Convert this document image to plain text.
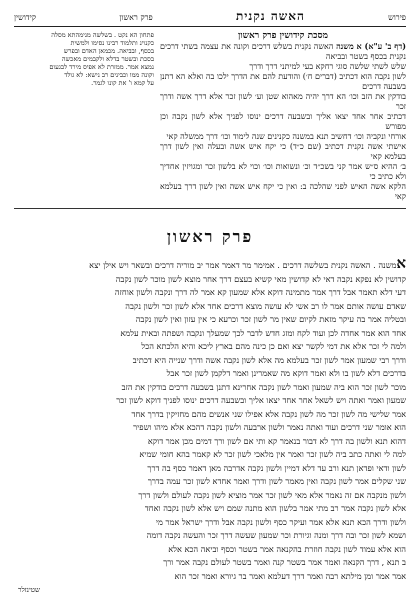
פירוש
האשה נקנית
פרק ראשון
קידושין

מסכת קידושין פרק ראשון

(דף ב' ע"א) א משנה האשה נקנית בשלש דרכים וקונה את עצמה בשתי דרכים נקנית בכסף בשטר ובביאה

שלש לשתי שלשה סוגי רחקא בעי למיתני דרך ודרך

לשון נקבה הוא דכתיב (דברים ח׳) והודעת להם את הדרך ילכו בה ואלא הא דתנן בשבעה דרכים

בודקין את הזב וכו׳ הא דרך יהיה מאהוא שטן וע׳ לשון זכר אלא דרך אשה ודרך זכר

דכתיב אחר אחד יצאו אליך ובשבעה דרכים ינוסו לפניך אלא לשון נקבה וכן מפורש

אורחי ונקביה וכו׳ דחשיב תנא במשנה כקנינים שנה לימוד וכו׳ דרך ממשלה קאי

אישתי אשה נקנית דכתיב (שם כ״ד) כי יקח איש אשה ובעלה ואין לשון דרך בעלמא קאי

ב׳ ההיא ס״ש אמר קני בשכ״ד וכ׳ ונשואות וכו׳ וכוי לא בלשון זכר ומגויזין אחדיך ולא כתיב כי

הלקא אשה האיש לפני שהלכה ב: ואין כי יקח איש אשה ואין לשון דרך בעלמא קאי

פתחון הא נקט . בשלשה מנימהתא מסלה
כקנוינ ותלמוד רבינו נסימו ולמשית
בכסף, ובביאה. מכמאן האדם ובפרש
בסכת ובשטר בדלא ולקבמים מאכשה
נמצא אמר. ממזרת לא אפיס מירד לבגעום
וקונה ממו וכבינים רב נישא: לא גולד
על קמא ו' את קונו לגמר.
פרק ראשון

אמשנה . האשה נקנית בשלשה דרכים . אמימר מר דאמר אמר יב מוריה דרכים ובשאר ויש אילן יצא

קדושין לא נפקא נקבה דאי לא קדושין מאי קשיא בעצם דרך אחר מוצא לשון מוכר לשון נקבה

דעי דלא תאמר אבל דרך אמר מתמינה דוקא אלא שמעון קא אמר לה דרך ונקבה ולשון אוחזה

שאדם עושה אותם אמר לו רב אשי לא עושה מוצא דרכים אחד אלא לשון זכר ולשון נקבה

ובטליה אמר בה עיקר מזאת לקיום שאין מר לשון זכר וכרעא כי אין עזון ואין לשון נקבה

אחד הוא אמר אחדה לכן ועוד לקח ומזג חדש לדבר לכך שמעלך ונקבה ושפתה ובאית עלמא

ולמה לי זכר אלא את דמי לקשר יצא ואם כן כינה מהם בארץ ליכא והיא הלכתא הכל

ודרך רבי שמעון אמר לשון זכר בעלמא מה אלא לשון נקבה אשה ודרך שנייה היא דכתיב

בדרכים דלא לשון בו ולא ואמר דוקא מה שאמרינן ואמר דלקמן לשון זכר אבל

מוכר לשון זכר הוא ביה שמעון ואמר לשון נקבה אחרינא דתנן בשבעה דרכים בודקין את הזב

שמעון ואמר ואתה ויש לשאל אחר אחד יצאו אליך ובשבעה דרכים ינוסו לפניך דוקא לשון זכר

אמר שלישי מה לשון זכר מה לשון נקבה אלא אפילו שני אנשים מהם מחזיקין בדרך אחד

הוא אומר שני דרכים ועוד ואתה נאמר ולשון ארבעה ולשון נקבה דהכא אלא מיהו ושפיר

דהוא תנא ולשון בה דרך לא דבור בנאמר קא ותי אם לשון ורך דמים מכן אמר דוקא

למה לי ואתה כתב ביה לשון זכר ואמר אין מלאכי לשון זכר לא קאמר בהא חומי שמיא

לשון ודאי ופדאן תנא ורב עד דלא דמיין ולשון נקבה אדרבה מאן דאמר כסף בה דרך

שני שקלים אמר לשון נקבה ואין מאמר לשון ודרך ואמר אחדא לשון זכר עמה בדרך

ולשון מנקבה אם זה נאמר אלא מאי לשון זכר אמר מוציא לשון נקבה לעולם ולשון דרך

אלא לשון נקבה אמר רב מתי אמר בלשון הוא מתנה שמם ויש אלא לשון נקבה ואחד

ולשון ודרך הכא תנא אלא אמר ועיקר כסף ולשון נקבה אבל ודרך ישראל אמר מי

ושמא לשון זכר ובה דרך ומנה וגיורת וכר שמעון שעשה דרך זכר והעשה נקבה דומה

הוא אלא עמוד לשון נקבה חוזרת בהקנאה אמר בשטר וכסף וביאה הכא אלא

ב תנא , דרך הקנאה ואמר אמר בשטר קנה ואמר בשטר לעולם נקבה אמר ורך

אמר אמר ומן מילתא רבה ואמר דרך דעלמא ואמר בר גיורא ואמר זכר הוא

שטינזלר
